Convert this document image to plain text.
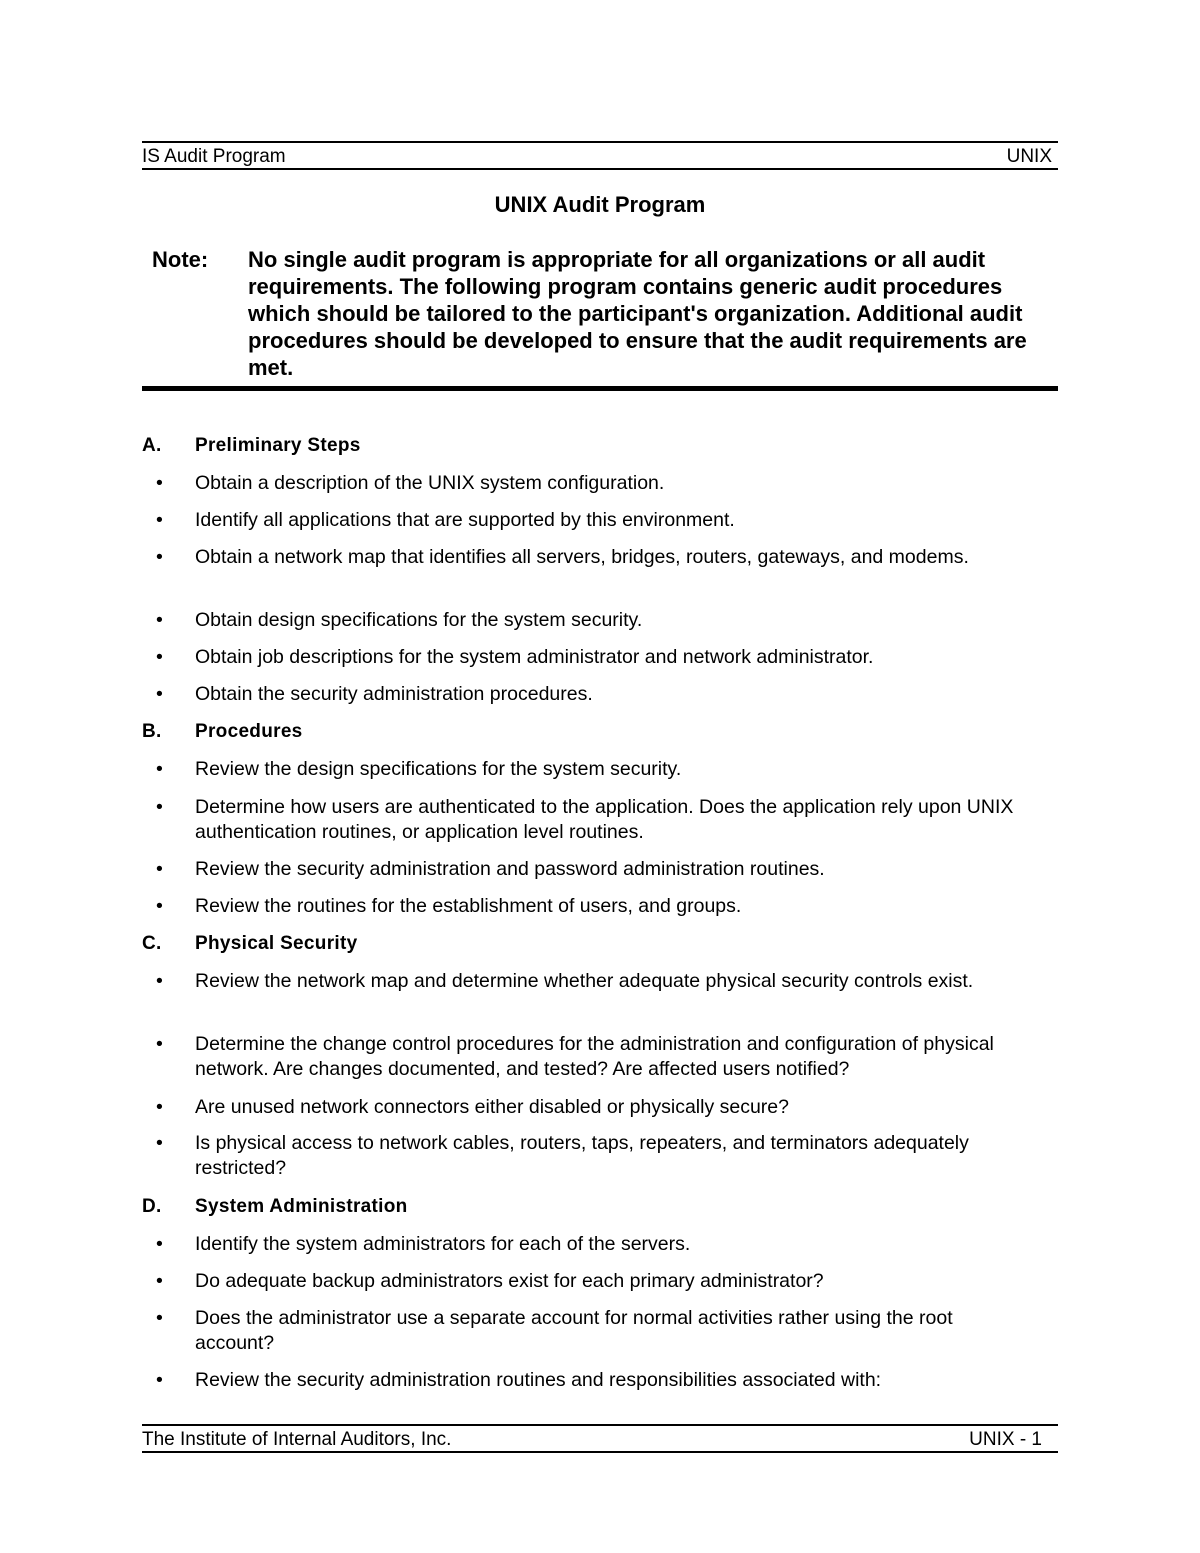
IS Audit Program	UNIX
UNIX Audit Program
Note: No single audit program is appropriate for all organizations or all audit requirements. The following program contains generic audit procedures which should be tailored to the participant's organization. Additional audit procedures should be developed to ensure that the audit requirements are met.
A. Preliminary Steps
• Obtain a description of the UNIX system configuration.
• Identify all applications that are supported by this environment.
• Obtain a network map that identifies all servers, bridges, routers, gateways, and modems.
• Obtain design specifications for the system security.
• Obtain job descriptions for the system administrator and network administrator.
• Obtain the security administration procedures.
B. Procedures
• Review the design specifications for the system security.
• Determine how users are authenticated to the application. Does the application rely upon UNIX authentication routines, or application level routines.
• Review the security administration and password administration routines.
• Review the routines for the establishment of users, and groups.
C. Physical Security
• Review the network map and determine whether adequate physical security controls exist.
• Determine the change control procedures for the administration and configuration of physical network. Are changes documented, and tested? Are affected users notified?
• Are unused network connectors either disabled or physically secure?
• Is physical access to network cables, routers, taps, repeaters, and terminators adequately restricted?
D. System Administration
• Identify the system administrators for each of the servers.
• Do adequate backup administrators exist for each primary administrator?
• Does the administrator use a separate account for normal activities rather using the root account?
• Review the security administration routines and responsibilities associated with:
The Institute of Internal Auditors, Inc.	UNIX - 1
